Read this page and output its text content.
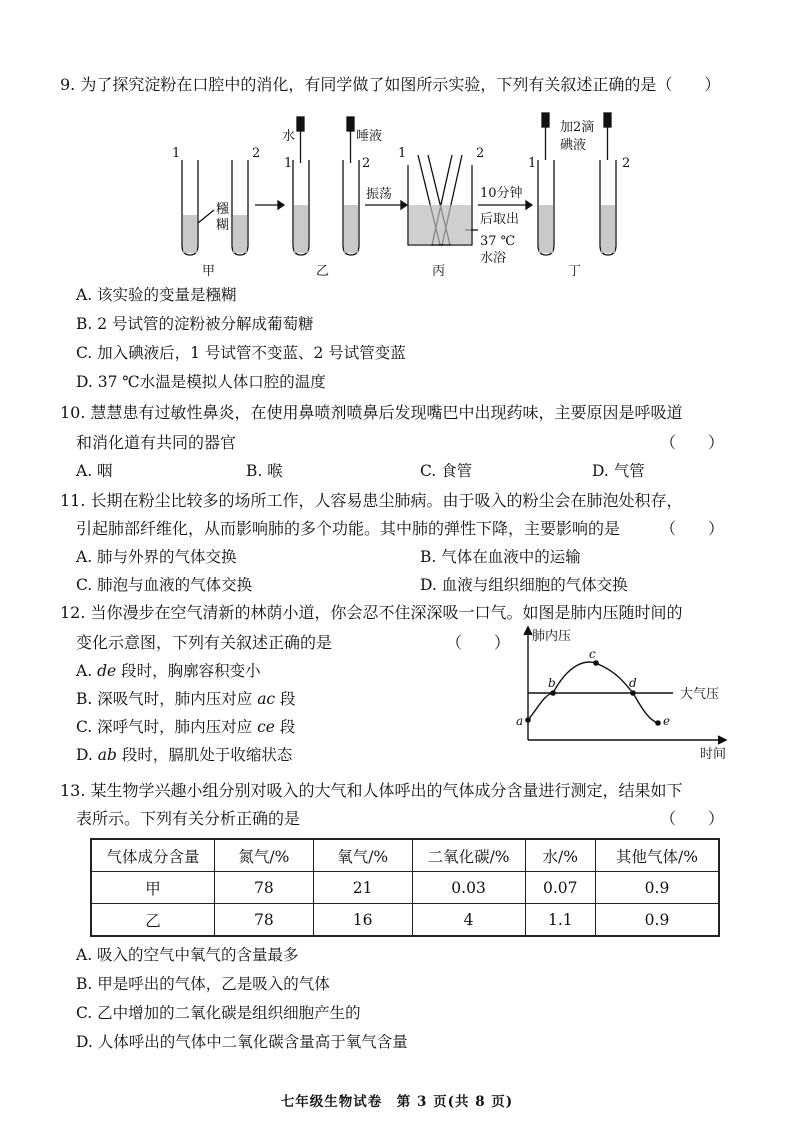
9. 为了探究淀粉在口腔中的消化，有同学做了如图所示实验，下列有关叙述正确的是（　　）
1	2
1	2
水	唾液
1	2
1	2
糨
糊
振荡	10分钟
后取出
37 ℃
水浴
加2滴
碘液
甲	乙	丙	丁
A. 该实验的变量是糨糊
B. 2 号试管的淀粉被分解成葡萄糖
C. 加入碘液后，1 号试管不变蓝、2 号试管变蓝
D. 37 ℃水温是模拟人体口腔的温度
10. 慧慧患有过敏性鼻炎，在使用鼻喷剂喷鼻后发现嘴巴中出现药味，主要原因是呼吸道
和消化道有共同的器官	（　　）
A. 咽	B. 喉	C. 食管	D. 气管
11. 长期在粉尘比较多的场所工作，人容易患尘肺病。由于吸入的粉尘会在肺泡处积存，
引起肺部纤维化，从而影响肺的多个功能。其中肺的弹性下降，主要影响的是 （　　）
A. 肺与外界的气体交换	B. 气体在血液中的运输
C. 肺泡与血液的气体交换	D. 血液与组织细胞的气体交换
12. 当你漫步在空气清新的林荫小道，你会忍不住深深吸一口气。如图是肺内压随时间的
变化示意图，下列有关叙述正确的是	（　　）
A. de 段时，胸廓容积变小
B. 深吸气时，肺内压对应 ac 段
C. 深呼气时，肺内压对应 ce 段
D. ab 段时，膈肌处于收缩状态
a
b
c
d
e
肺内压
时间
大气压
13. 某生物学兴趣小组分别对吸入的大气和人体呼出的气体成分含量进行测定，结果如下
表所示。下列有关分析正确的是	（　　）
气体成分含量	氮气/%	氧气/%	二氧化碳/%	水/%	其他气体/%
甲	78	21	0.03	0.07	0.9
乙	78	16	4	1.1	0.9
A. 吸入的空气中氧气的含量最多
B. 甲是呼出的气体，乙是吸入的气体
C. 乙中增加的二氧化碳是组织细胞产生的
D. 人体呼出的气体中二氧化碳含量高于氧气含量
七年级生物试卷　第 3 页(共 8 页)
